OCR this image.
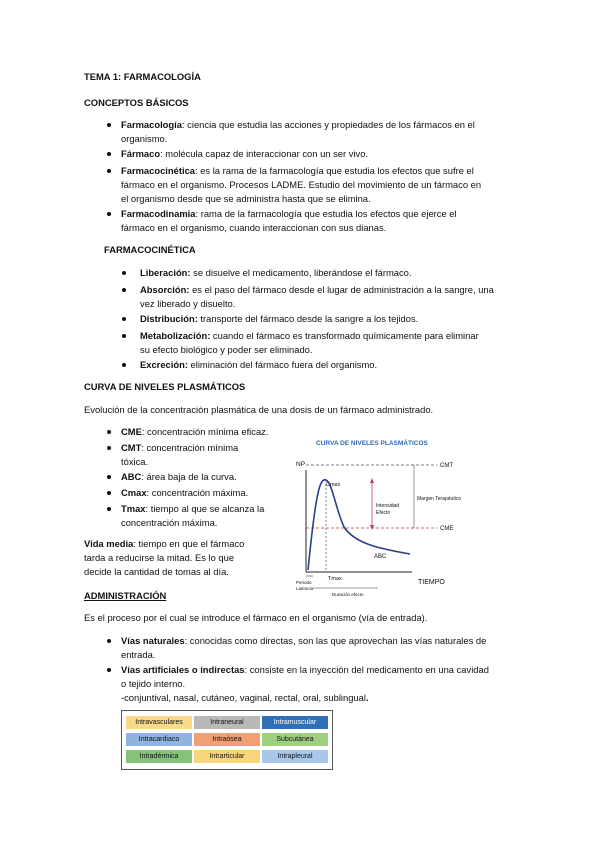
TEMA 1: FARMACOLOGÍA
CONCEPTOS BÁSICOS
Farmacología: ciencia que estudia las acciones y propiedades de los fármacos en el
organismo.
Fármaco: molécula capaz de interaccionar con un ser vivo.
Farmacocinética: es la rama de la farmacología que estudia los efectos que sufre el
fármaco en el organismo. Procesos LADME. Estudio del movimiento de un fármaco en
el organismo desde que se administra hasta que se elimina.
Farmacodinamia: rama de la farmacología que estudia los efectos que ejerce el
fármaco en el organismo, cuando interaccionan con sus dianas.
FARMACOCINÉTICA
Liberación: se disuelve el medicamento, liberándose el fármaco.
Absorción: es el paso del fármaco desde el lugar de administración a la sangre, una
vez liberado y disuelto.
Distribución: transporte del fármaco desde la sangre a los tejidos.
Metabolización: cuando el fármaco es transformado químicamente para eliminar
su efecto biológico y poder ser eliminado.
Excreción: eliminación del fármaco fuera del organismo.
CURVA DE NIVELES PLASMÁTICOS
Evolución de la concentración plasmática de una dosis de un fármaco administrado.
CME: concentración mínima eficaz.
CMT: concentración mínima
tóxica.
ABC: área baja de la curva.
Cmax: concentración máxima.
Tmax: tiempo al que se alcanza la
concentración máxima.
Vida media: tiempo en que el fármaco
tarda a reducirse la mitad. Es lo que
decide la cantidad de tomas al día.
CURVA DE NIVELES PLASMÁTICOS
NP
TIEMPO
CMT
CME
Margen Terapéutico
Cmax
Tmax
Intensidad
Efecto
ABC
Periodo
Latencia
Duración efecto
ADMINISTRACIÓN
Es el proceso por el cual se introduce el fármaco en el organismo (vía de entrada).
Vías naturales: conocidas como directas, son las que aprovechan las vías naturales de
entrada.
Vías artificiales o indirectas: consiste en la inyección del medicamento en una cavidad
o tejido interno.
-conjuntival, nasal, cutáneo, vaginal, rectal, oral, sublingual.
Intravasculares	Intraneural	Intramuscular
Intracardiaco	Intraósea	Subcutánea
Intradérmica	Intrarticular	Intrapleural
